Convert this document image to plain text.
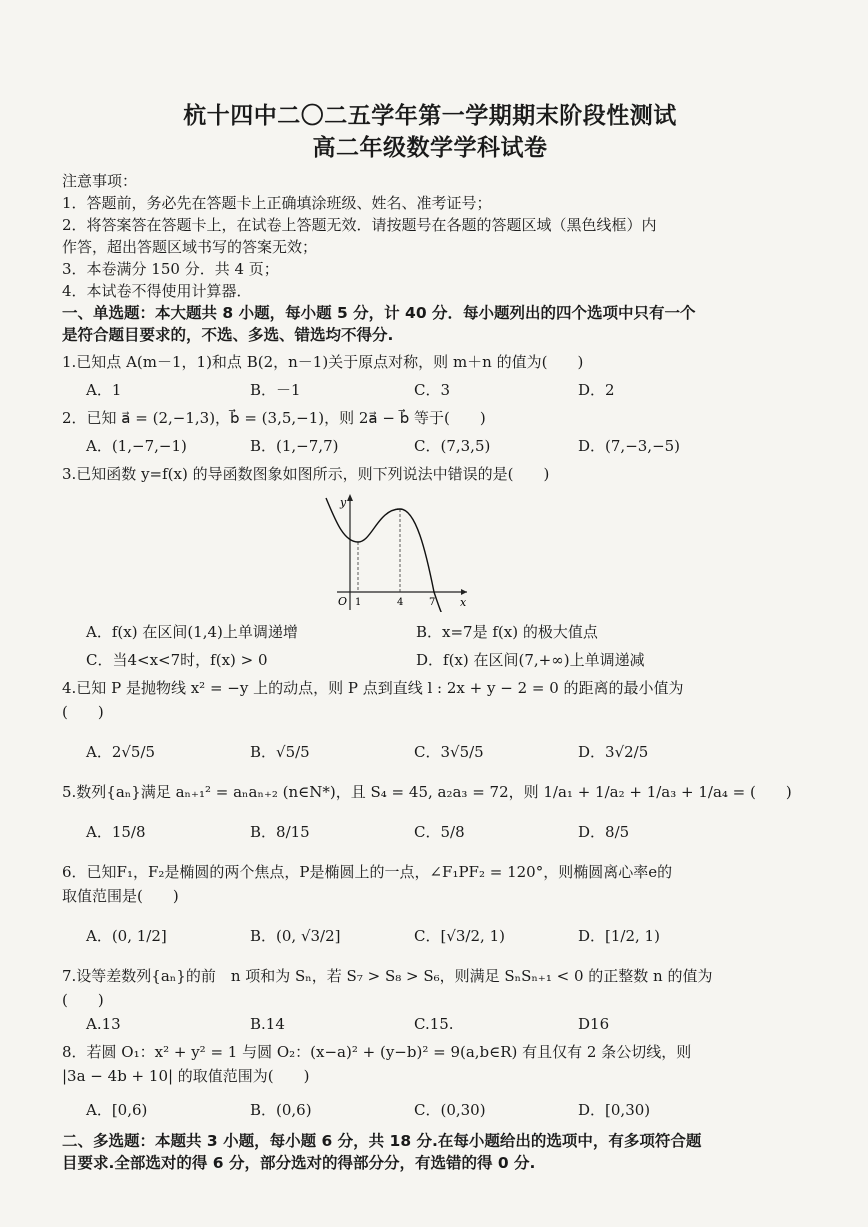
杭十四中二〇二五学年第一学期期末阶段性测试
高二年级数学学科试卷
注意事项：
1．答题前，务必先在答题卡上正确填涂班级、姓名、准考证号；
2．将答案答在答题卡上，在试卷上答题无效．请按题号在各题的答题区域（黑色线框）内
作答，超出答题区域书写的答案无效；
3．本卷满分 150 分．共 4 页；
4．本试卷不得使用计算器．
一、单选题：本大题共 8 小题，每小题 5 分，计 40 分．每小题列出的四个选项中只有一个
是符合题目要求的，不选、多选、错选均不得分.
1.已知点 A(m－1，1)和点 B(2，n－1)关于原点对称，则 m＋n 的值为(　　)
A．1	B．－1	C．3	D．2
2．已知 a⃗ = (2,−1,3)，b⃗ = (3,5,−1)，则 2a⃗ − b⃗ 等于(　　)
A．(1,−7,−1)	B．(1,−7,7)	C．(7,3,5)	D．(7,−3,−5)
3.已知函数 y=f(x) 的导函数图象如图所示，则下列说法中错误的是(　　)
y
x
O 1	4	7
A．f(x) 在区间(1,4)上单调递增	B．x=7是 f(x) 的极大值点
C．当4<x<7时，f(x) > 0	D．f(x) 在区间(7,+∞)上单调递减
4.已知 P 是抛物线 x² = −y 上的动点，则 P 点到直线 l : 2x + y − 2 = 0 的距离的最小值为
(　　)
A．2√5/5	B．√5/5	C．3√5/5	D．3√2/5
5.数列{aₙ}满足 aₙ₊₁² = aₙaₙ₊₂ (n∈N*)，且 S₄ = 45, a₂a₃ = 72，则 1/a₁ + 1/a₂ + 1/a₃ + 1/a₄ = (　　)
A．15/8	B．8/15	C．5/8	D．8/5
6．已知F₁，F₂是椭圆的两个焦点，P是椭圆上的一点，∠F₁PF₂ = 120°，则椭圆离心率e的
取值范围是(　　)
A．(0, 1/2]	B．(0, √3/2]	C．[√3/2, 1)	D．[1/2, 1)
7.设等差数列{aₙ}的前　n 项和为 Sₙ，若 S₇ > S₈ > S₆，则满足 SₙSₙ₊₁ < 0 的正整数 n 的值为
(　　)
A.13	B.14	C.15.	D16
8．若圆 O₁：x² + y² = 1 与圆 O₂：(x−a)² + (y−b)² = 9(a,b∈R) 有且仅有 2 条公切线，则
|3a − 4b + 10| 的取值范围为(　　)
A．[0,6)	B．(0,6)	C．(0,30)	D．[0,30)
二、多选题：本题共 3 小题，每小题 6 分，共 18 分.在每小题给出的选项中，有多项符合题
目要求.全部选对的得 6 分，部分选对的得部分分，有选错的得 0 分.
